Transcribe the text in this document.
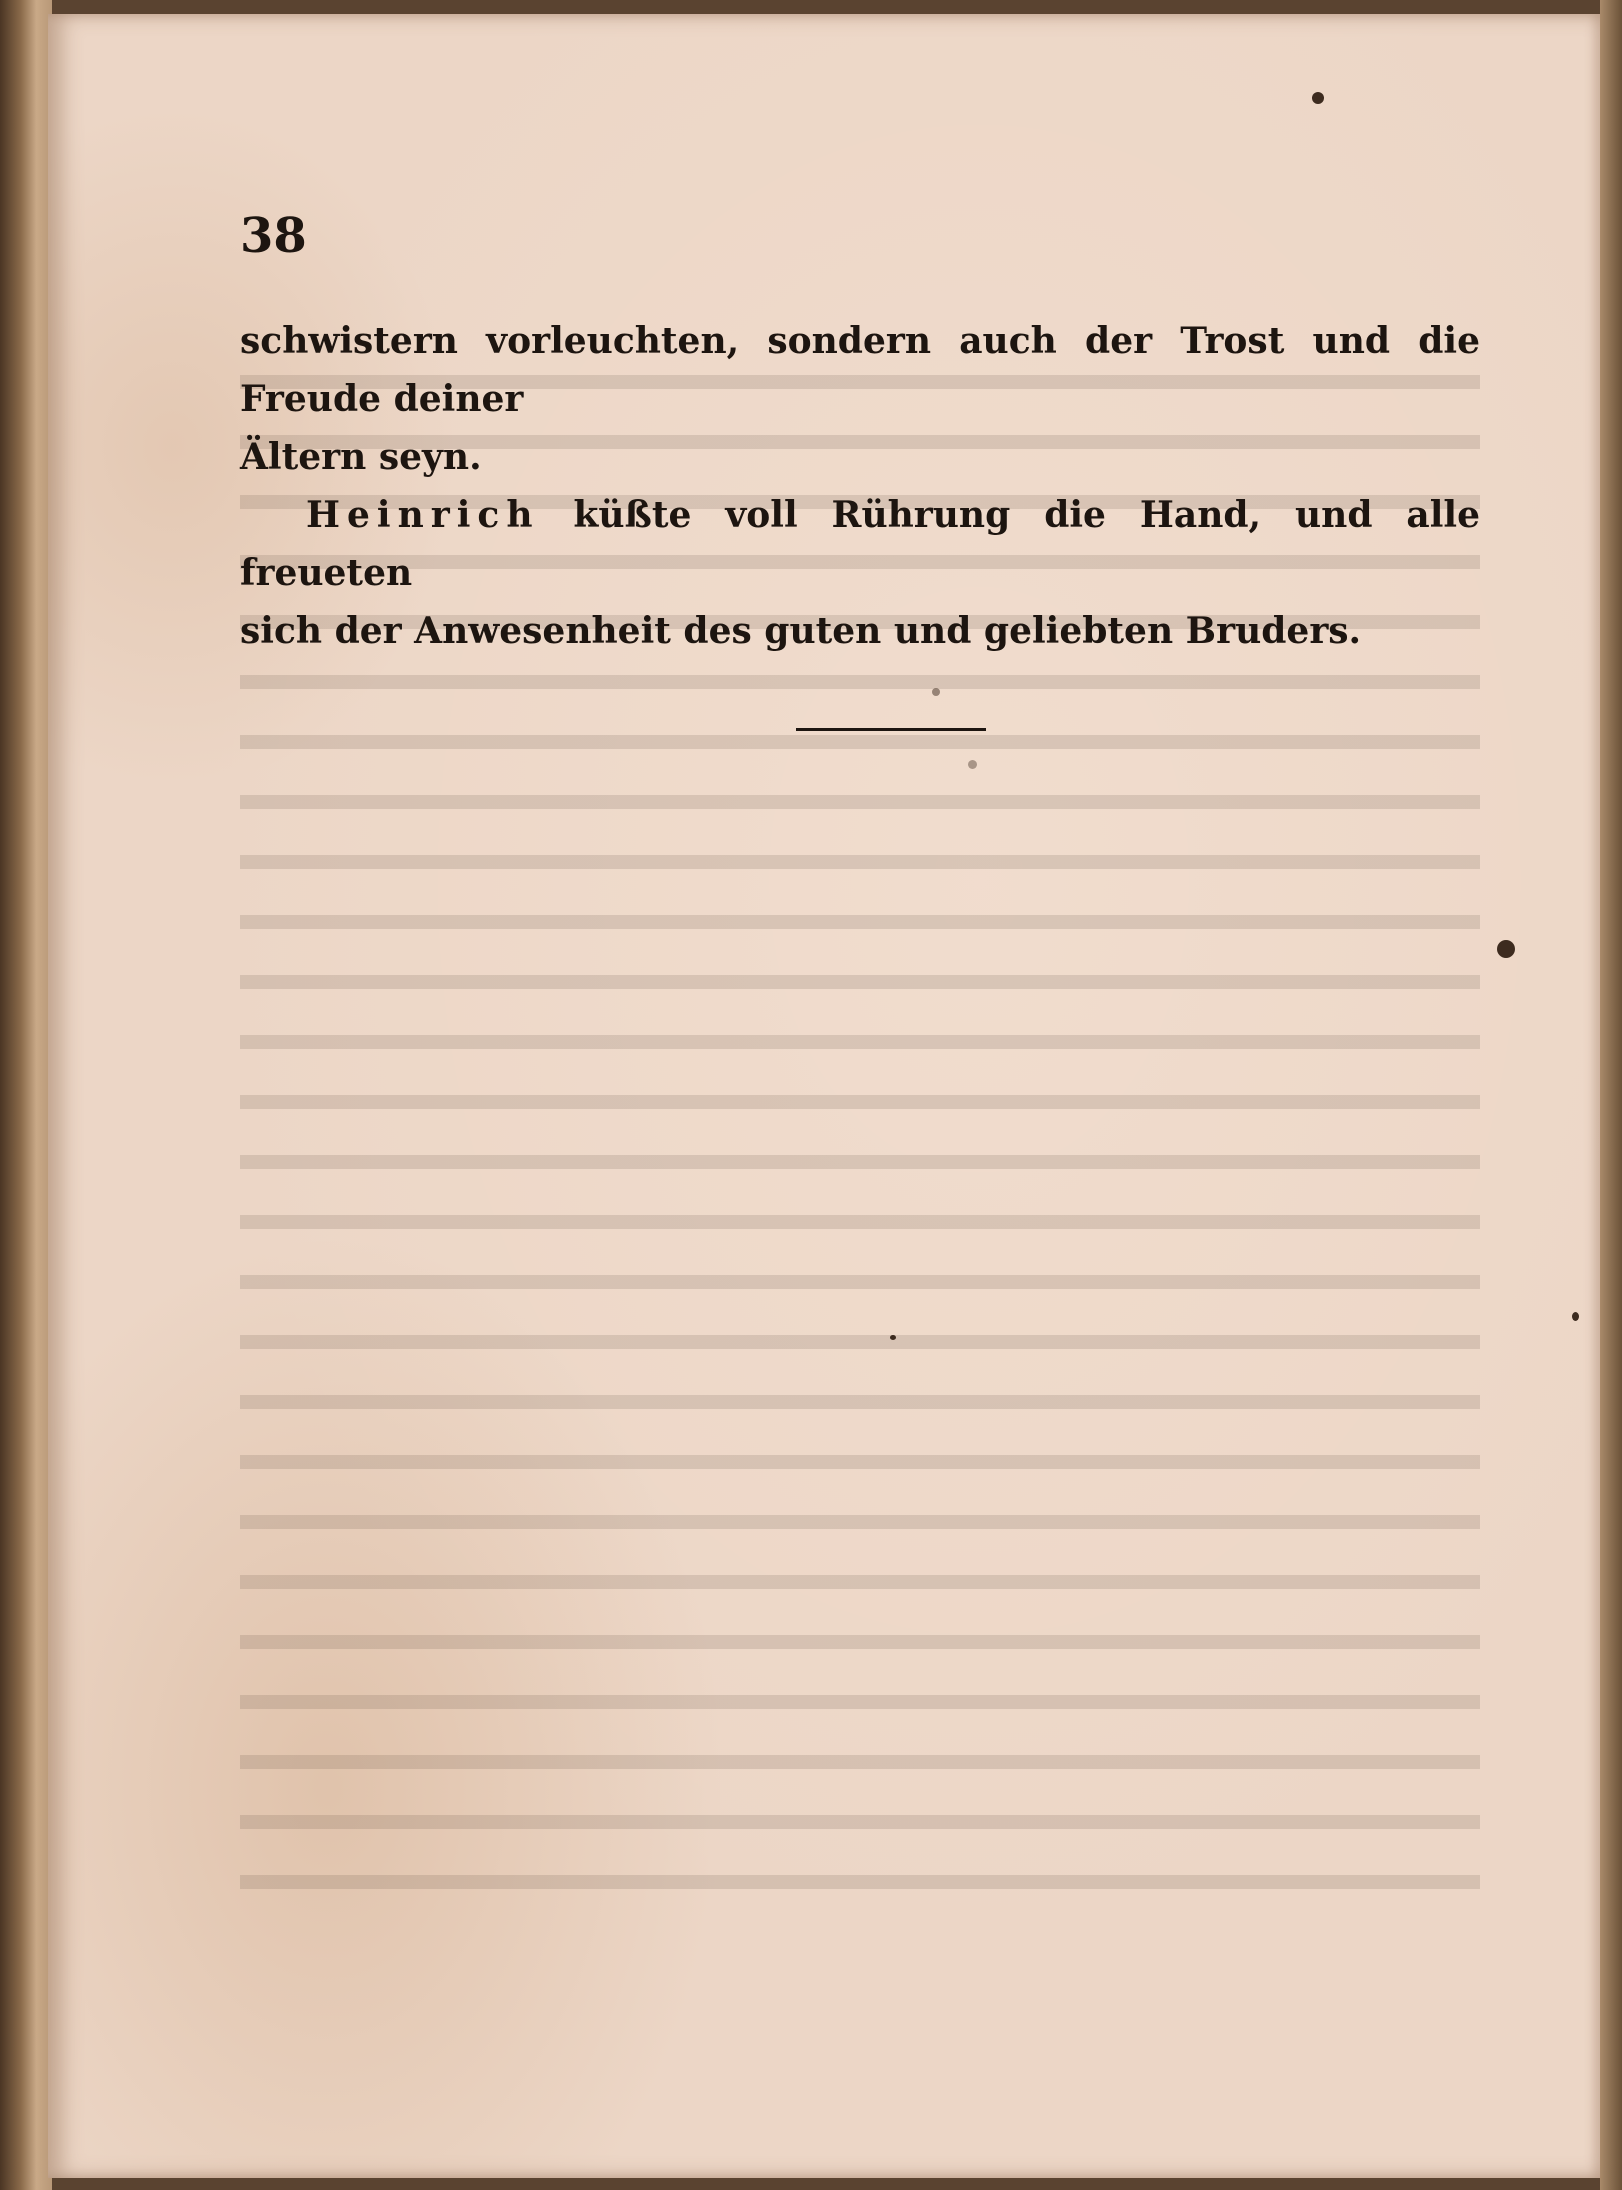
38

schwistern vorleuchten, sondern auch der Trost und die Freude deiner
Ältern seyn.

Heinrich küßte voll Rührung die Hand, und alle freueten
sich der Anwesenheit des guten und geliebten Bruders.
